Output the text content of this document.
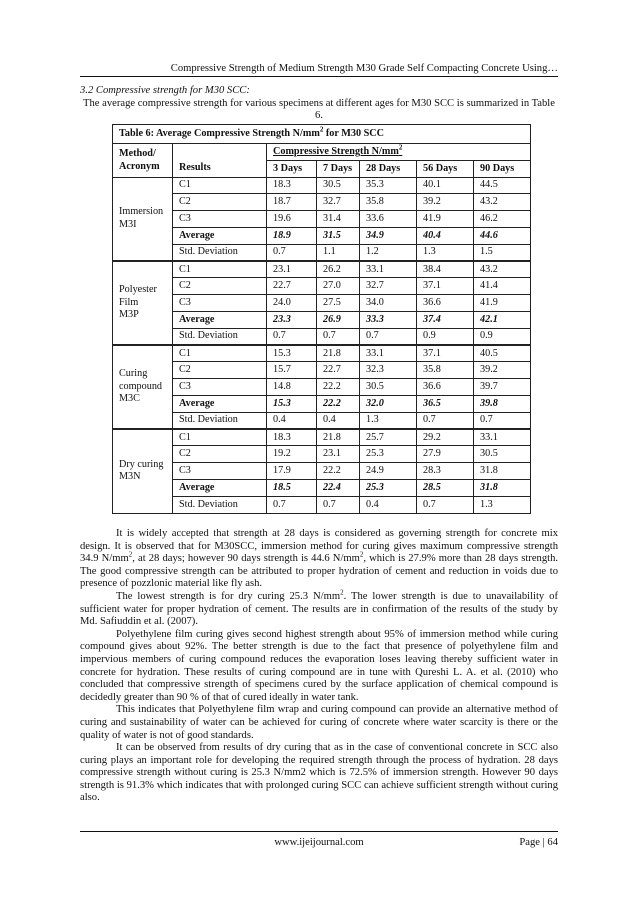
Compressive Strength of Medium Strength M30 Grade Self Compacting Concrete Using…
3.2 Compressive strength for M30 SCC:
The average compressive strength for various specimens at different ages for M30 SCC is summarized in Table 6.
Table 6: Average Compressive Strength $N/mm^2$ for M30 SCC						
Method/
Acronym		Compressive Strength $N/mm^2$
	Results	3 Days	7 Days	28 Days	56 Days	90 Days
Immersion
M3I	C1	18.3	30.5	35.3	40.1	44.5
	C2	18.7	32.7	35.8	39.2	43.2
	C3	19.6	31.4	33.6	41.9	46.2
	Average	18.9	31.5	34.9	40.4	44.6
	Std. Deviation	0.7	1.1	1.2	1.3	1.5
Polyester
Film
M3P	C1	23.1	26.2	33.1	38.4	43.2
	C2	22.7	27.0	32.7	37.1	41.4
	C3	24.0	27.5	34.0	36.6	41.9
	Average	23.3	26.9	33.3	37.4	42.1
	Std. Deviation	0.7	0.7	0.7	0.9	0.9
Curing
compound
M3C	C1	15.3	21.8	33.1	37.1	40.5
	C2	15.7	22.7	32.3	35.8	39.2
	C3	14.8	22.2	30.5	36.6	39.7
	Average	15.3	22.2	32.0	36.5	39.8
	Std. Deviation	0.4	0.4	1.3	0.7	0.7
Dry curing
M3N	C1	18.3	21.8	25.7	29.2	33.1
	C2	19.2	23.1	25.3	27.9	30.5
	C3	17.9	22.2	24.9	28.3	31.8
	Average	18.5	22.4	25.3	28.5	31.8
	Std. Deviation	0.7	0.7	0.4	0.7	1.3

It is widely accepted that strength at 28 days is considered as governing strength for concrete mix design. It is observed that for M30SCC, immersion method for curing gives maximum compressive strength 34.9 $N/mm^2$, at 28 days; however 90 days strength is 44.6 $N/mm^2$, which is 27.9% more than 28 days strength. The good compressive strength can be attributed to proper hydration of cement and reduction in voids due to presence of pozzlonic material like fly ash.

The lowest strength is for dry curing 25.3 $N/mm^2$. The lower strength is due to unavailability of sufficient water for proper hydration of cement. The results are in confirmation of the results of the study by Md. Safiuddin et al. (2007).

Polyethylene film curing gives second highest strength about 95% of immersion method while curing compound gives about 92%. The better strength is due to the fact that presence of polyethylene film and impervious members of curing compound reduces the evaporation loses leaving thereby sufficient water in concrete for hydration. These results of curing compound are in tune with Qureshi L. A. et al. (2010) who concluded that compressive strength of specimens cured by the surface application of chemical compound is decidedly greater than 90 % of that of cured ideally in water tank.

This indicates that Polyethylene film wrap and curing compound can provide an alternative method of curing and sustainability of water can be achieved for curing of concrete where water scarcity is there or the quality of water is not of good standards.

It can be observed from results of dry curing that as in the case of conventional concrete in SCC also curing plays an important role for developing the required strength through the process of hydration. 28 days compressive strength without curing is 25.3 N/mm2 which is 72.5% of immersion strength. However 90 days strength is 91.3% which indicates that with prolonged curing SCC can achieve sufficient strength without curing also.

www.ijeijournal.com	Page | 64
